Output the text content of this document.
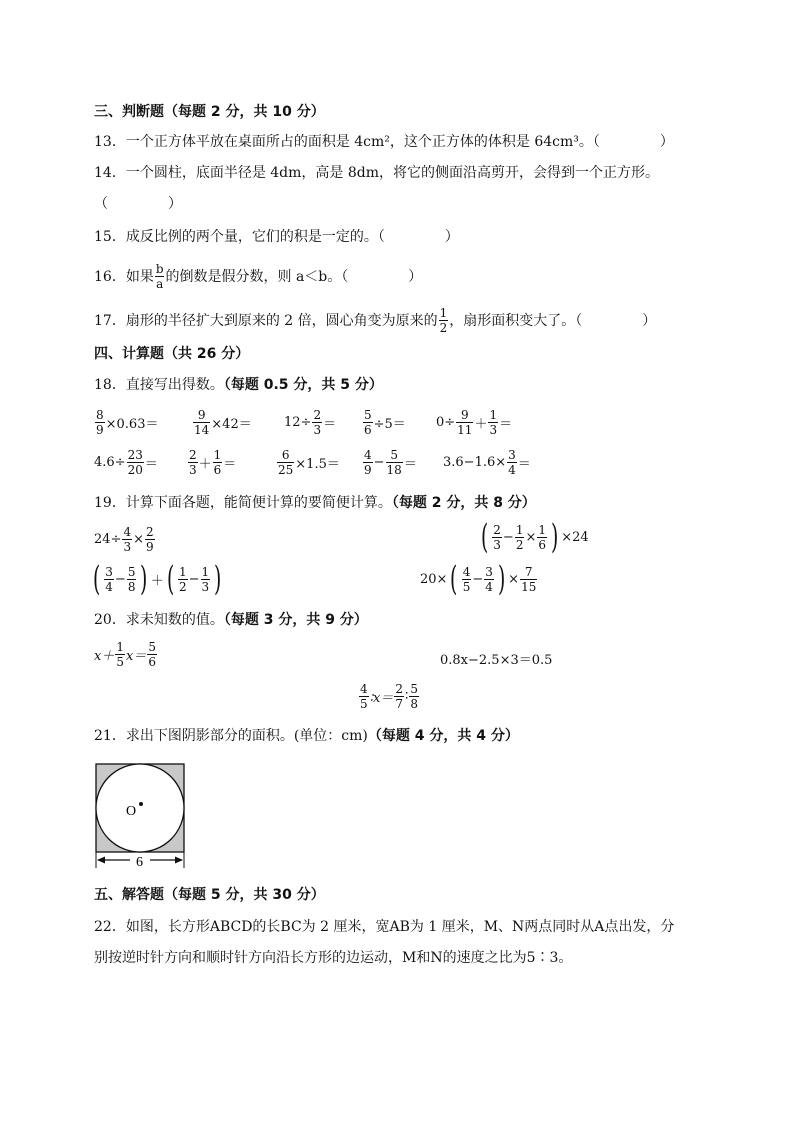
三、判断题（每题 2 分，共 10 分）
13．一个正方体平放在桌面所占的面积是 4cm²，这个正方体的体积是 64cm³。（	）
14．一个圆柱，底面半径是 4dm，高是 8dm，将它的侧面沿高剪开，会得到一个正方形。
（	）
15．成反比例的两个量，它们的积是一定的。（	）
16． 如果 $\frac{b}{a}$ 的倒数是假分数，则 a＜b。（	）
17． 扇形的半径扩大到原来的 2 倍，圆心角变为原来的 $\frac{1}{2}$ ，扇形面积变大了。（	）
四、计算题（共 26 分）
18．直接写出得数。（每题 0.5 分，共 5 分）
$\frac{8}{9} \times 0.63=$	$\frac{9}{14} \times 42= 12\div \frac{2}{3} = \frac{5}{6} \div 5= 0\div \frac{9}{11} + \frac{1}{3}$ ＝
$4.6\div \frac{23}{20}$ ＝	$\frac{2}{3} + \frac{1}{6}$ ＝	$\frac{6}{25} \times 1.5= \frac{4}{9} - \frac{5}{18} = 3.6-1.6\times \frac{3}{4}$ ＝
19．计算下面各题，能简便计算的要简便计算。（每题 2 分，共 8 分）
$24\div \frac{4}{3} \times \frac{2}{9}$	( $\frac{2}{3} - \frac{1}{2} \times \frac{1}{6}$ ) ×24
( $\frac{3}{4} - \frac{5}{8}$ ) ＋ ( $\frac{1}{2} - \frac{1}{3}$ )	20× ( $\frac{4}{5} - \frac{3}{4}$ ) × $\frac{7}{15}$
20．求未知数的值。（每题 3 分，共 9 分）
$x+ \frac{1}{5} x= \frac{5}{6}$	0.8x−2.5×3＝0.5
$\frac{4}{5}$ ∶x＝ $\frac{2}{7}$ ∶ $\frac{5}{8}$
21．求出下图阴影部分的面积。(单位：cm)（每题 4 分，共 4 分）
O
6
五、解答题（每题 5 分，共 30 分）
22．如图，长方形ABCD的长BC为 2 厘米，宽AB为 1 厘米，M、N两点同时从A点出发，分
别按逆时针方向和顺时针方向沿长方形的边运动，M和N的速度之比为5∶3。
